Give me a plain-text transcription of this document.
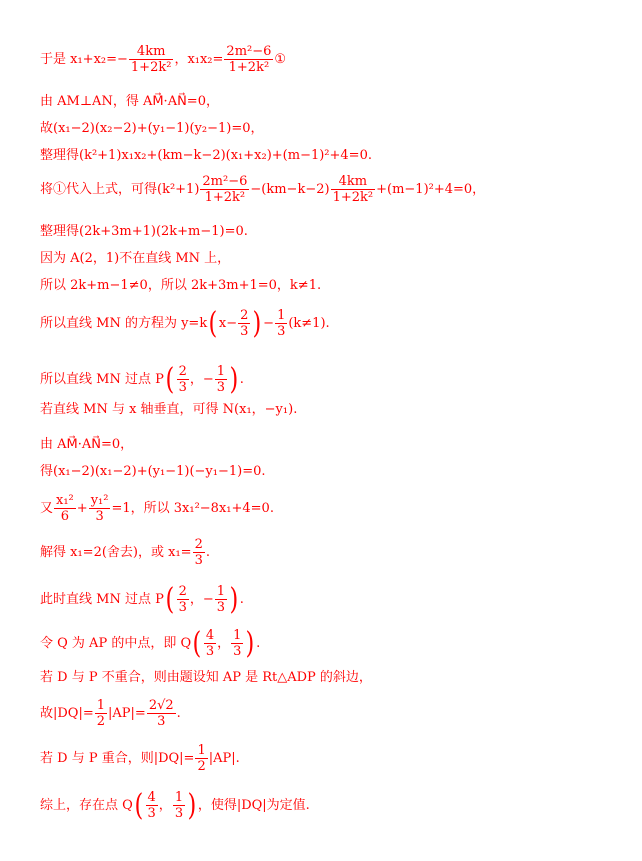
于是 $x_1+x_2=- \frac{4km}{\text{1+2k²}}$ ，$x_1x_2= \frac{\text{2m²−6}}{\text{1+2k²}}$ ①
由 AM⊥AN，得 AM⃗·AN⃗=0，
故(x₁−2)(x₂−2)+(y₁−1)(y₂−1)=0，
整理得(k²+1)x₁x₂+(km−k−2)(x₁+x₂)+(m−1)²+4=0.
将①代入上式，可得$(k^2+1) \frac{\text{2m²−6}}{\text{1+2k²}} -(km-k-2) \frac{4km}{\text{1+2k²}} +(m-1)^2+4=0$，
整理得(2k+3m+1)(2k+m−1)=0.
因为 A(2，1)不在直线 MN 上，
所以 2k+m−1≠0，所以 2k+3m+1=0，k≠1.
所以直线 MN 的方程为 $y=k(x- \frac{2}{3}$ )− $\frac{1}{3} (k\ne 1)$.
所以直线 MN 过点 $P( \frac{2}{3}$ ，− $\frac{1}{3}$ ).
若直线 MN 与 x 轴垂直，可得 N(x₁，−y₁).
由 AM⃗·AN⃗=0，
得(x₁−2)(x₁−2)+(y₁−1)(−y₁−1)=0.
又 $\frac{\text{x₁²}}{6} + \frac{\text{y₁²}}{3} =1$，所以 3x₁²−8x₁+4=0.
解得 x₁=2(舍去)，或 $x_1= \frac{2}{3}$ .
此时直线 MN 过点 $P( \frac{2}{3}$ ，− $\frac{1}{3}$ ).
令 Q 为 AP 的中点，即 $Q( \frac{4}{3}$ ， $\frac{1}{3}$ ).
若 D 与 P 不重合，则由题设知 AP 是 Rt△ADP 的斜边，
故$|DQ|= \frac{1}{2} |AP|= \frac{2√2}{3}$ .
若 D 与 P 重合，则$|DQ|= \frac{1}{2} |AP|$.
综上，存在点 $Q( \frac{4}{3}$ ， $\frac{1}{3}$ )，使得|DQ|为定值.
